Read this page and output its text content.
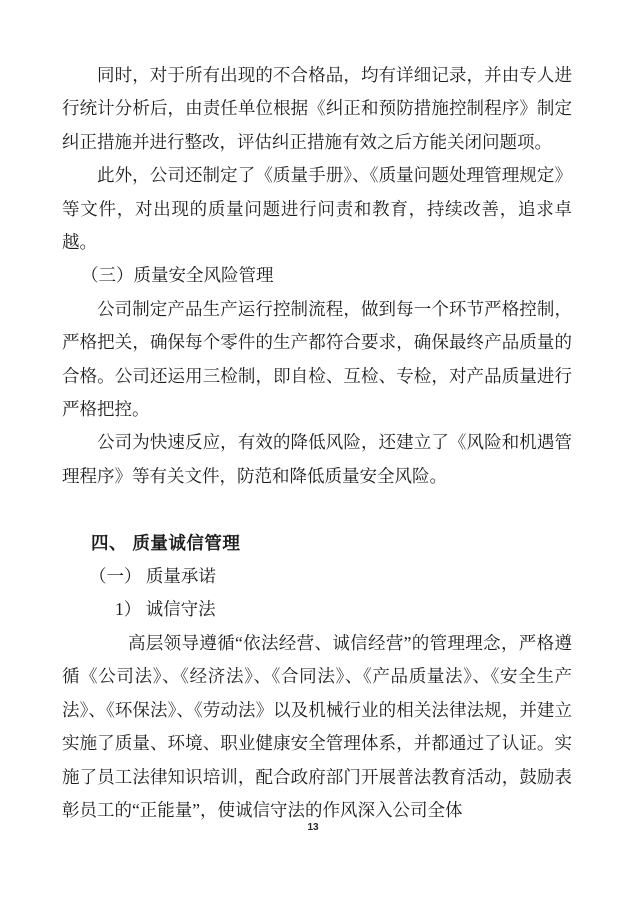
同时，对于所有出现的不合格品，均有详细记录，并由专人进行统计分析后，由责任单位根据《纠正和预防措施控制程序》制定纠正措施并进行整改，评估纠正措施有效之后方能关闭问题项。

此外，公司还制定了《质量手册》、《质量问题处理管理规定》等文件，对出现的质量问题进行问责和教育，持续改善，追求卓越。

（三）质量安全风险管理

公司制定产品生产运行控制流程，做到每一个环节严格控制，严格把关，确保每个零件的生产都符合要求，确保最终产品质量的合格。公司还运用三检制，即自检、互检、专检，对产品质量进行严格把控。

公司为快速反应，有效的降低风险，还建立了《风险和机遇管理程序》等有关文件，防范和降低质量安全风险。

四、 质量诚信管理

（一） 质量承诺

1） 诚信守法

高层领导遵循“依法经营、诚信经营”的管理理念，严格遵循《公司法》、《经济法》、《合同法》、《产品质量法》、《安全生产法》、《环保法》、《劳动法》以及机械行业的相关法律法规，并建立实施了质量、环境、职业健康安全管理体系，并都通过了认证。实施了员工法律知识培训，配合政府部门开展普法教育活动，鼓励表彰员工的“正能量”，使诚信守法的作风深入公司全体

13
